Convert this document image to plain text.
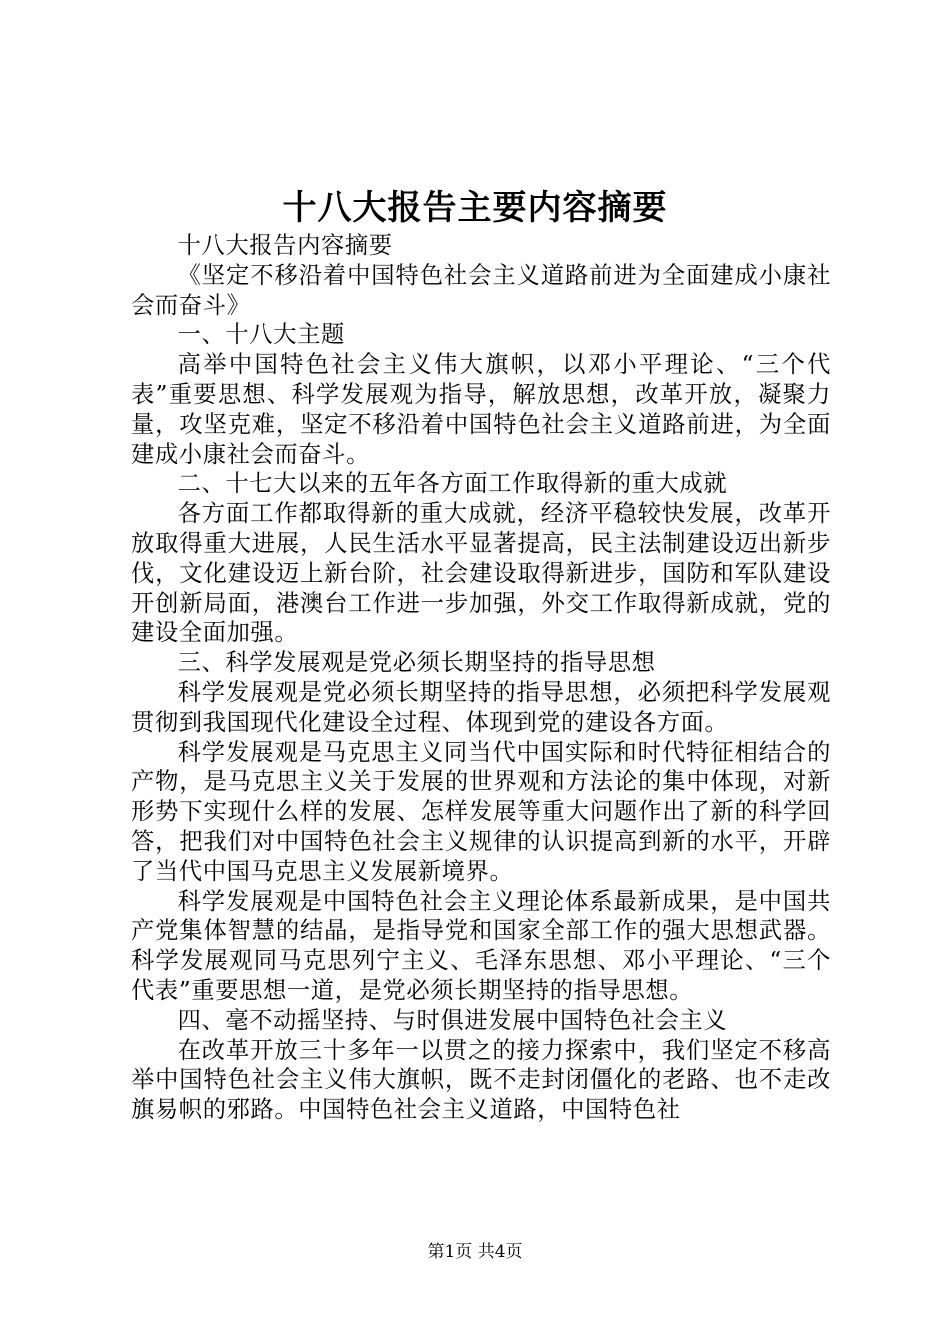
十八大报告主要内容摘要

十八大报告内容摘要

《坚定不移沿着中国特色社会主义道路前进为全面建成小康社会而奋斗》

一、十八大主题

高举中国特色社会主义伟大旗帜，以邓小平理论、“三个代表”重要思想、科学发展观为指导，解放思想，改革开放，凝聚力量，攻坚克难，坚定不移沿着中国特色社会主义道路前进，为全面建成小康社会而奋斗。

二、十七大以来的五年各方面工作取得新的重大成就

各方面工作都取得新的重大成就，经济平稳较快发展，改革开放取得重大进展，人民生活水平显著提高，民主法制建设迈出新步伐，文化建设迈上新台阶，社会建设取得新进步，国防和军队建设开创新局面，港澳台工作进一步加强，外交工作取得新成就，党的建设全面加强。

三、科学发展观是党必须长期坚持的指导思想

科学发展观是党必须长期坚持的指导思想，必须把科学发展观贯彻到我国现代化建设全过程、体现到党的建设各方面。

科学发展观是马克思主义同当代中国实际和时代特征相结合的产物，是马克思主义关于发展的世界观和方法论的集中体现，对新形势下实现什么样的发展、怎样发展等重大问题作出了新的科学回答，把我们对中国特色社会主义规律的认识提高到新的水平，开辟了当代中国马克思主义发展新境界。

科学发展观是中国特色社会主义理论体系最新成果，是中国共产党集体智慧的结晶，是指导党和国家全部工作的强大思想武器。科学发展观同马克思列宁主义、毛泽东思想、邓小平理论、“三个代表”重要思想一道，是党必须长期坚持的指导思想。

四、毫不动摇坚持、与时俱进发展中国特色社会主义

在改革开放三十多年一以贯之的接力探索中，我们坚定不移高举中国特色社会主义伟大旗帜，既不走封闭僵化的老路、也不走改旗易帜的邪路。中国特色社会主义道路，中国特色社

第1页 共4页
